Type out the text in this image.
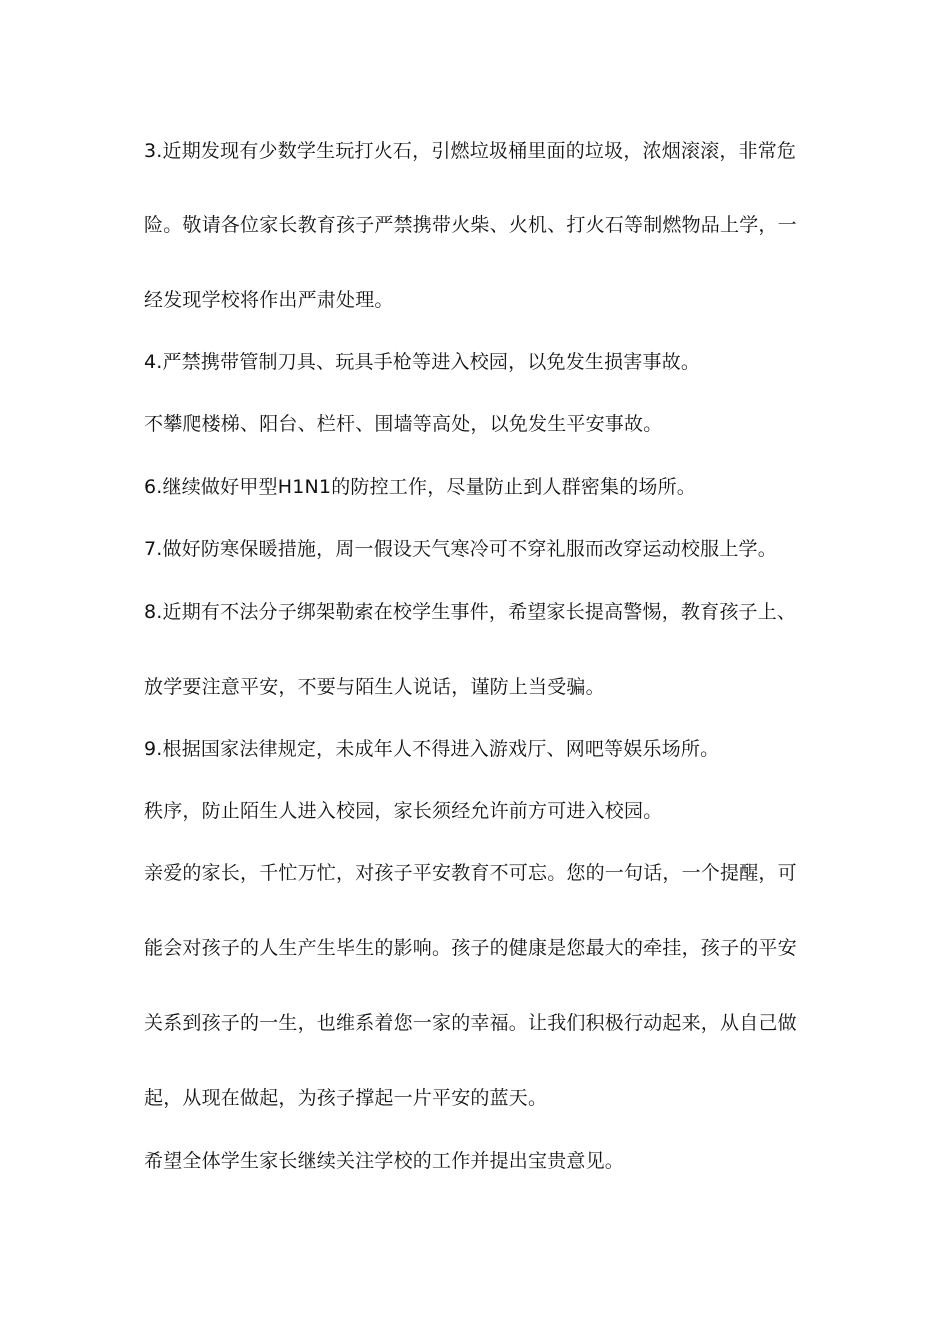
3.近期发现有少数学生玩打火石，引燃垃圾桶里面的垃圾，浓烟滚滚，非常危
险。敬请各位家长教育孩子严禁携带火柴、火机、打火石等制燃物品上学，一
经发现学校将作出严肃处理。
4.严禁携带管制刀具、玩具手枪等进入校园，以免发生损害事故。
不攀爬楼梯、阳台、栏杆、围墙等高处，以免发生平安事故。
6.继续做好甲型H1N1的防控工作，尽量防止到人群密集的场所。
7.做好防寒保暖措施，周一假设天气寒冷可不穿礼服而改穿运动校服上学。
8.近期有不法分子绑架勒索在校学生事件，希望家长提高警惕，教育孩子上、
放学要注意平安，不要与陌生人说话，谨防上当受骗。
9.根据国家法律规定，未成年人不得进入游戏厅、网吧等娱乐场所。
秩序，防止陌生人进入校园，家长须经允许前方可进入校园。
亲爱的家长，千忙万忙，对孩子平安教育不可忘。您的一句话，一个提醒，可
能会对孩子的人生产生毕生的影响。孩子的健康是您最大的牵挂，孩子的平安
关系到孩子的一生，也维系着您一家的幸福。让我们积极行动起来，从自己做
起，从现在做起，为孩子撑起一片平安的蓝天。
希望全体学生家长继续关注学校的工作并提出宝贵意见。
